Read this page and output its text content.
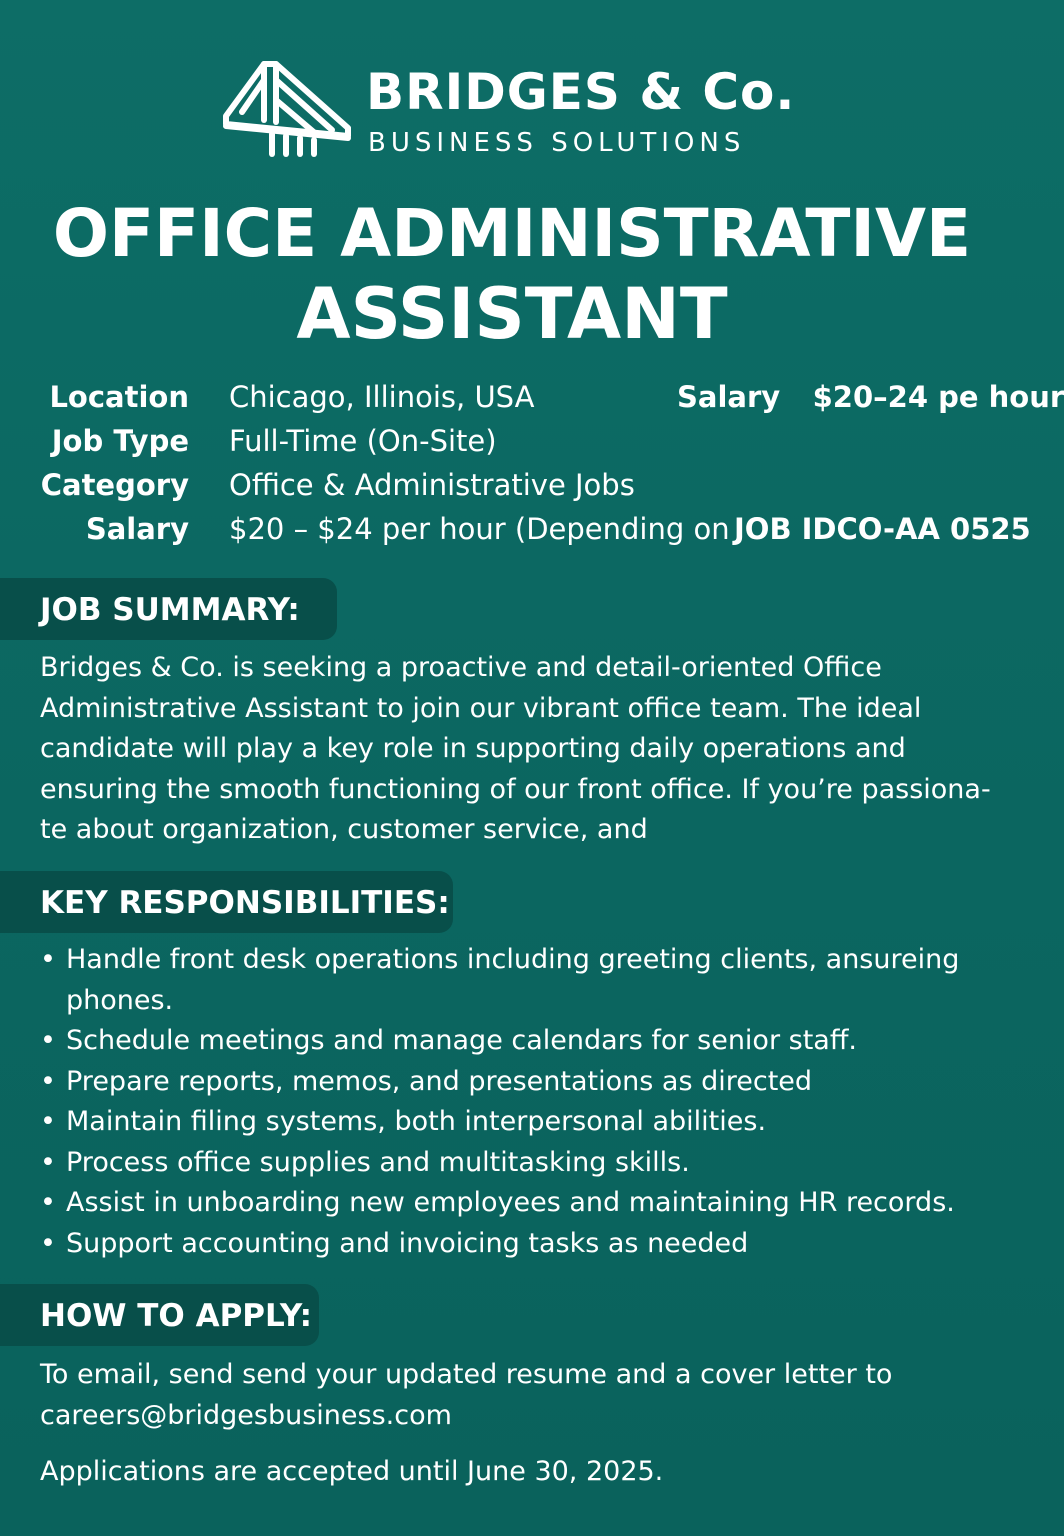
BRIDGES & Co.
BUSINESS SOLUTIONS
OFFICE ADMINISTRATIVE
ASSISTANT
Location Chicago, Illinois, USA	Salary $20–24 pe hour
Job Type Full-Time (On-Site)
Category Office & Administrative Jobs
Salary $20 – $24 per hour (Depending on JOB IDCO-AA 0525
JOB SUMMARY:
Bridges & Co. is seeking a proactive and detail-oriented Office
Administrative Assistant to join our vibrant office team. The ideal
candidate will play a key role in supporting daily operations and
ensuring the smooth functioning of our front office. If you’re passiona-
te about organization, customer service, and
KEY RESPONSIBILITIES:
• Handle front desk operations including greeting clients, ansureing phones.
• Schedule meetings and manage calendars for senior staff.
• Prepare reports, memos, and presentations as directed
• Maintain filing systems, both interpersonal abilities.
• Process office supplies and multitasking skills.
• Assist in unboarding new employees and maintaining HR records.
• Support accounting and invoicing tasks as needed
HOW TO APPLY:
To email, send send your updated resume and a cover letter to
careers@bridgesbusiness.com
Applications are accepted until June 30, 2025.
